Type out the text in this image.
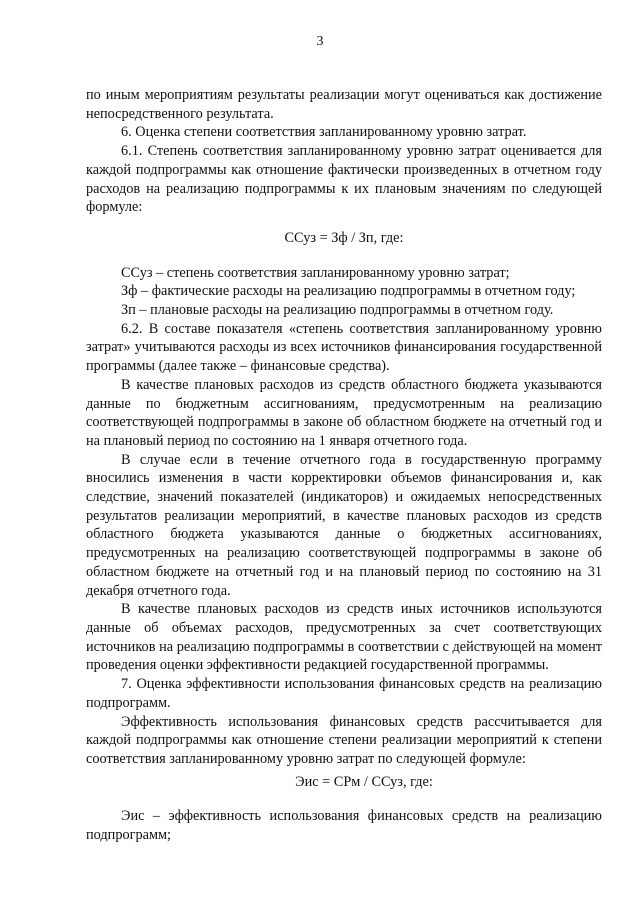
3

по иным мероприятиям результаты реализации могут оцениваться как достижение непосредственного результата.

6. Оценка степени соответствия запланированному уровню затрат.

6.1. Степень соответствия запланированному уровню затрат оценивается для каждой подпрограммы как отношение фактически произведенных в отчетном году расходов на реализацию подпрограммы к их плановым значениям по следующей формуле:

ССуз = Зф / Зп, где:

ССуз – степень соответствия запланированному уровню затрат;

Зф – фактические расходы на реализацию подпрограммы в отчетном году;

Зп – плановые расходы на реализацию подпрограммы в отчетном году.

6.2. В составе показателя «степень соответствия запланированному уровню затрат» учитываются расходы из всех источников финансирования государственной программы (далее также – финансовые средства).

В качестве плановых расходов из средств областного бюджета указываются данные по бюджетным ассигнованиям, предусмотренным на реализацию соответствующей подпрограммы в законе об областном бюджете на отчетный год и на плановый период по состоянию на 1 января отчетного года.

В случае если в течение отчетного года в государственную программу вносились изменения в части корректировки объемов финансирования и, как следствие, значений показателей (индикаторов) и ожидаемых непосредственных результатов реализации мероприятий, в качестве плановых расходов из средств областного бюджета указываются данные о бюджетных ассигнованиях, предусмотренных на реализацию соответствующей подпрограммы в законе об областном бюджете на отчетный год и на плановый период по состоянию на 31 декабря отчетного года.

В качестве плановых расходов из средств иных источников используются данные об объемах расходов, предусмотренных за счет соответствующих источников на реализацию подпрограммы в соответствии с действующей на момент проведения оценки эффективности редакцией государственной программы.

7. Оценка эффективности использования финансовых средств на реализацию подпрограмм.

Эффективность использования финансовых средств рассчитывается для каждой подпрограммы как отношение степени реализации мероприятий к степени соответствия запланированному уровню затрат по следующей формуле:

Эис = СРм / ССуз, где:

Эис – эффективность использования финансовых средств на реализацию подпрограмм;
